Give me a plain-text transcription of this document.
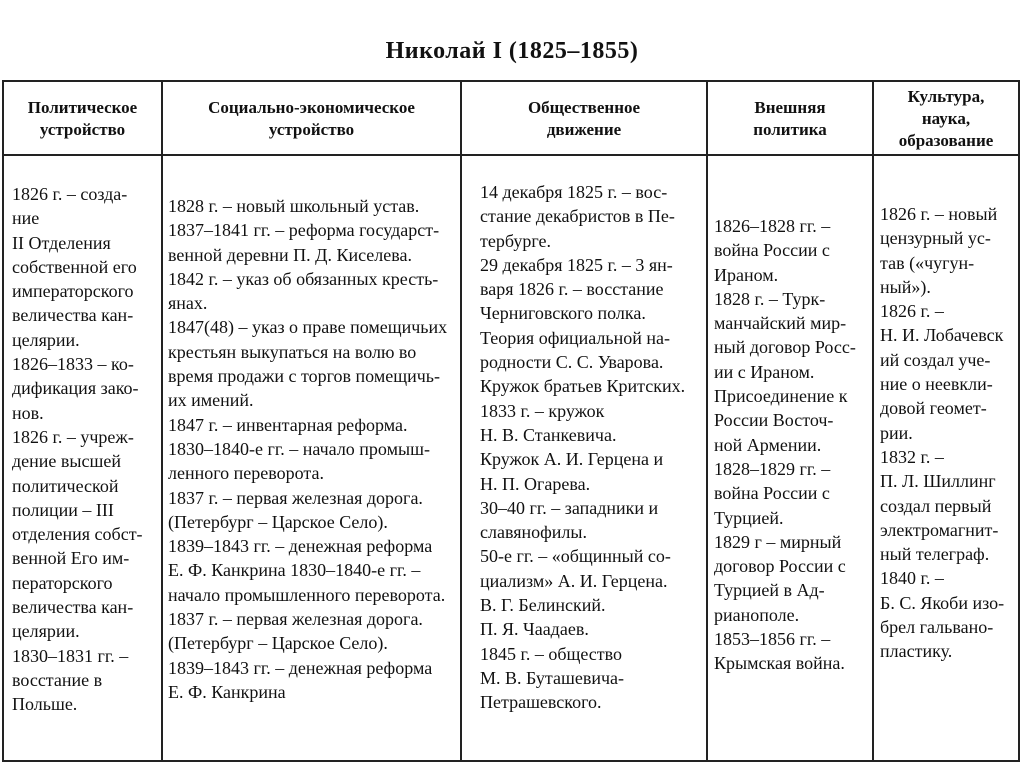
Николай I (1825–1855)
Политическое
устройство
Социально-экономическое
устройство
Общественное
движение
Внешняя
политика
Культура,
наука,
образование
1826 г. – созда-
ние
II Отделения
собственной его
императорского
величества кан-
целярии.
1826–1833 – ко-
дификация зако-
нов.
1826 г. – учреж-
дение высшей
политической
полиции – III
отделения собст-
венной Его им-
ператорского
величества кан-
целярии.
1830–1831 гг. –
восстание в
Польше.
1828 г. – новый школьный устав.
1837–1841 гг. – реформа государст-
венной деревни П. Д. Киселева.
1842 г. – указ об обязанных кресть-
янах.
1847(48) – указ о праве помещичьих
крестьян выкупаться на волю во
время продажи с торгов помещичь-
их имений.
1847 г. – инвентарная реформа.
1830–1840-е гг. – начало промыш-
ленного переворота.
1837 г. – первая железная дорога.
(Петербург – Царское Село).
1839–1843 гг. – денежная реформа
Е. Ф. Канкрина 1830–1840-е гг. –
начало промышленного переворота.
1837 г. – первая железная дорога.
(Петербург – Царское Село).
1839–1843 гг. – денежная реформа
Е. Ф. Канкрина
14 декабря 1825 г. – вос-
стание декабристов в Пе-
тербурге.
29 декабря 1825 г. – 3 ян-
варя 1826 г. – восстание
Черниговского полка.
Теория официальной на-
родности С. С. Уварова.
Кружок братьев Критских.
1833 г. – кружок
Н. В. Станкевича.
Кружок А. И. Герцена и
Н. П. Огарева.
30–40 гг. – западники и
славянофилы.
50-е гг. – «общинный со-
циализм» А. И. Герцена.
В. Г. Белинский.
П. Я. Чаадаев.
1845 г. – общество
М. В. Буташевича-
Петрашевского.
1826–1828 гг. –
война России с
Ираном.
1828 г. – Турк-
манчайский мир-
ный договор Росс-
ии с Ираном.
Присоединение к
России Восточ-
ной Армении.
1828–1829 гг. –
война России с
Турцией.
1829 г – мирный
договор России с
Турцией в Ад-
рианополе.
1853–1856 гг. –
Крымская война.
1826 г. – новый
цензурный ус-
тав («чугун-
ный»).
1826 г. –
Н. И. Лобачевск
ий создал уче-
ние о неевкли-
довой геомет-
рии.
1832 г. –
П. Л. Шиллинг
создал первый
электромагнит-
ный телеграф.
1840 г. –
Б. С. Якоби изо-
брел гальвано-
пластику.
